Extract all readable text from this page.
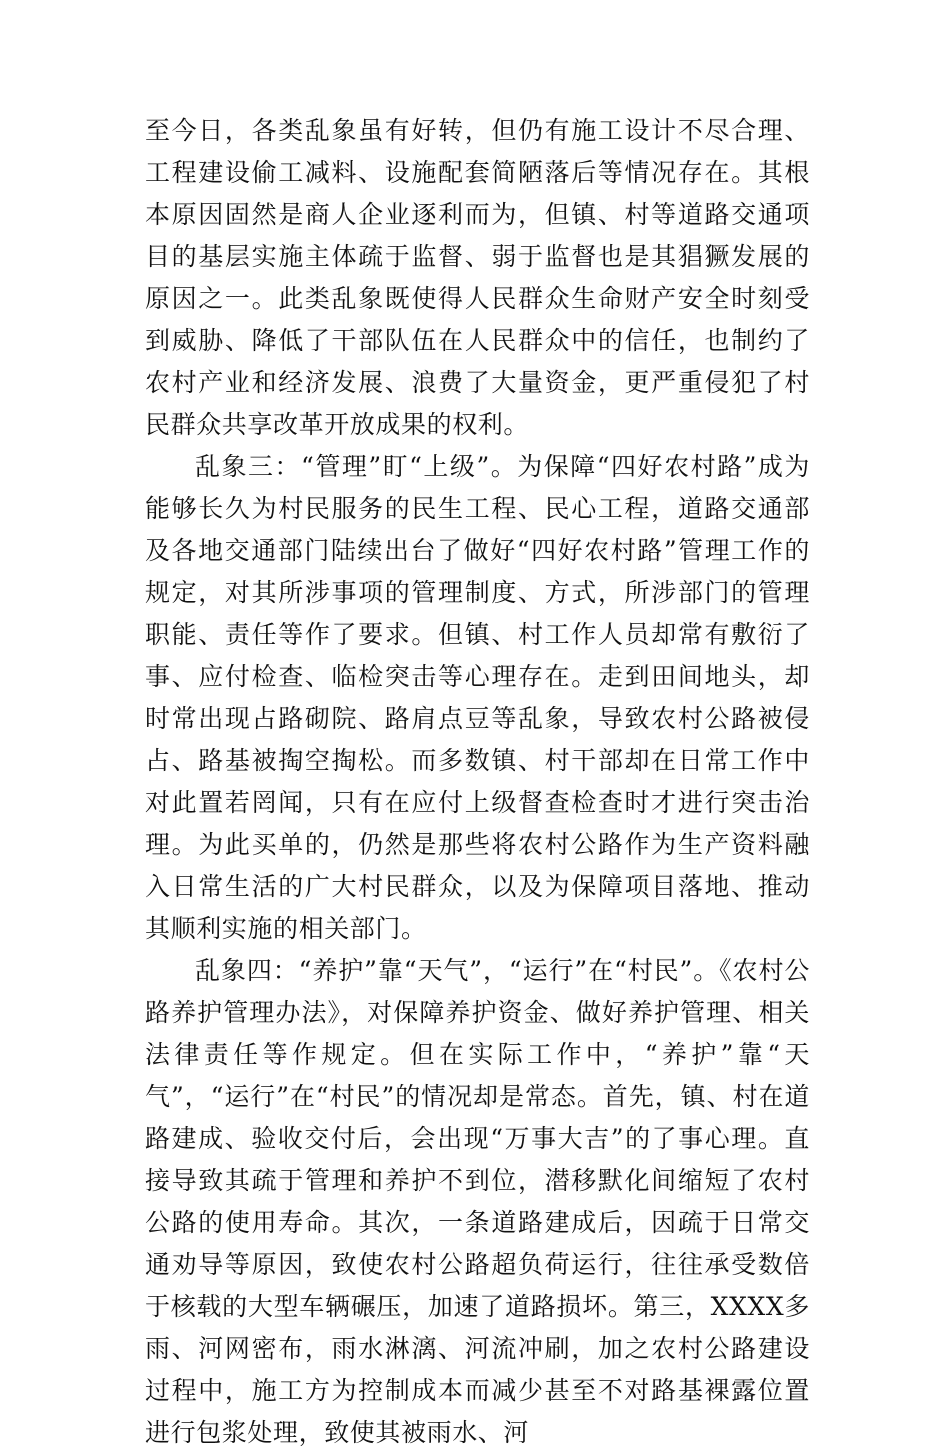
至今日，各类乱象虽有好转，但仍有施工设计不尽合理、工程建设偷工减料、设施配套简陋落后等情况存在。其根本原因固然是商人企业逐利而为，但镇、村等道路交通项目的基层实施主体疏于监督、弱于监督也是其猖獗发展的原因之一。此类乱象既使得人民群众生命财产安全时刻受到威胁、降低了干部队伍在人民群众中的信任，也制约了农村产业和经济发展、浪费了大量资金，更严重侵犯了村民群众共享改革开放成果的权利。

乱象三：“管理”盯“上级”。为保障“四好农村路”成为能够长久为村民服务的民生工程、民心工程，道路交通部及各地交通部门陆续出台了做好“四好农村路”管理工作的规定，对其所涉事项的管理制度、方式，所涉部门的管理职能、责任等作了要求。但镇、村工作人员却常有敷衍了事、应付检查、临检突击等心理存在。走到田间地头，却时常出现占路砌院、路肩点豆等乱象，导致农村公路被侵占、路基被掏空掏松。而多数镇、村干部却在日常工作中对此置若罔闻，只有在应付上级督查检查时才进行突击治理。为此买单的，仍然是那些将农村公路作为生产资料融入日常生活的广大村民群众，以及为保障项目落地、推动其顺利实施的相关部门。

乱象四：“养护”靠“天气”，“运行”在“村民”。《农村公路养护管理办法》，对保障养护资金、做好养护管理、相关法律责任等作规定。但在实际工作中，“养护”靠“天气”，“运行”在“村民”的情况却是常态。首先，镇、村在道路建成、验收交付后，会出现“万事大吉”的了事心理。直接导致其疏于管理和养护不到位，潜移默化间缩短了农村公路的使用寿命。其次，一条道路建成后，因疏于日常交通劝导等原因，致使农村公路超负荷运行，往往承受数倍于核载的大型车辆碾压，加速了道路损坏。第三，XXXX多雨、河网密布，雨水淋漓、河流冲刷，加之农村公路建设过程中，施工方为控制成本而减少甚至不对路基裸露位置进行包浆处理，致使其被雨水、河
